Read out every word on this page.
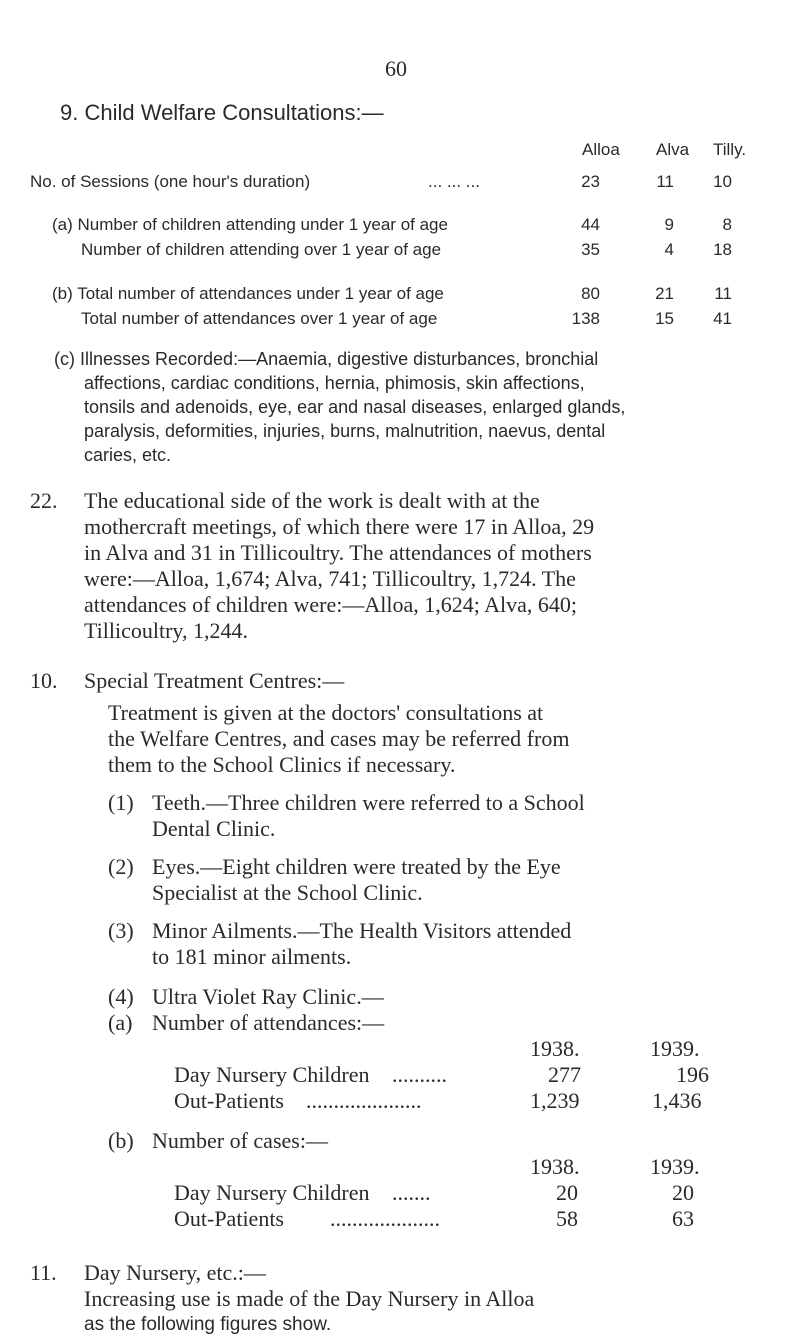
60
9. Child Welfare Consultations:—
Alloa Alva Tilly.
No. of Sessions (one hour's duration)	... ... ...	23	11	10
(a) Number of children attending under 1 year of age	44	9	8
Number of children attending over 1 year of age	35	4	18
(b) Total number of attendances under 1 year of age	80	21	11
Total number of attendances over 1 year of age	138	15	41
(c) Illnesses Recorded:—Anaemia, digestive disturbances, bronchial
affections, cardiac conditions, hernia, phimosis, skin affections,
tonsils and adenoids, eye, ear and nasal diseases, enlarged glands,
paralysis, deformities, injuries, burns, malnutrition, naevus, dental
caries, etc.
22. The educational side of the work is dealt with at the
mothercraft meetings, of which there were 17 in Alloa, 29
in Alva and 31 in Tillicoultry. The attendances of mothers
were:—Alloa, 1,674; Alva, 741; Tillicoultry, 1,724. The
attendances of children were:—Alloa, 1,624; Alva, 640;
Tillicoultry, 1,244.
10. Special Treatment Centres:—
Treatment is given at the doctors' consultations at
the Welfare Centres, and cases may be referred from
them to the School Clinics if necessary.
(1) Teeth.—Three children were referred to a School
Dental Clinic.
(2) Eyes.—Eight children were treated by the Eye
Specialist at the School Clinic.
(3) Minor Ailments.—The Health Visitors attended
to 181 minor ailments.
(4) Ultra Violet Ray Clinic.—
(a) Number of attendances:—
1938.	1939.
Day Nursery Children ..........	277	196
Out-Patients .....................	1,239	1,436
(b) Number of cases:—
1938.	1939.
Day Nursery Children .......	20	20
Out-Patients ....................	58	63
11. Day Nursery, etc.:—
Increasing use is made of the Day Nursery in Alloa
as the following figures show.
